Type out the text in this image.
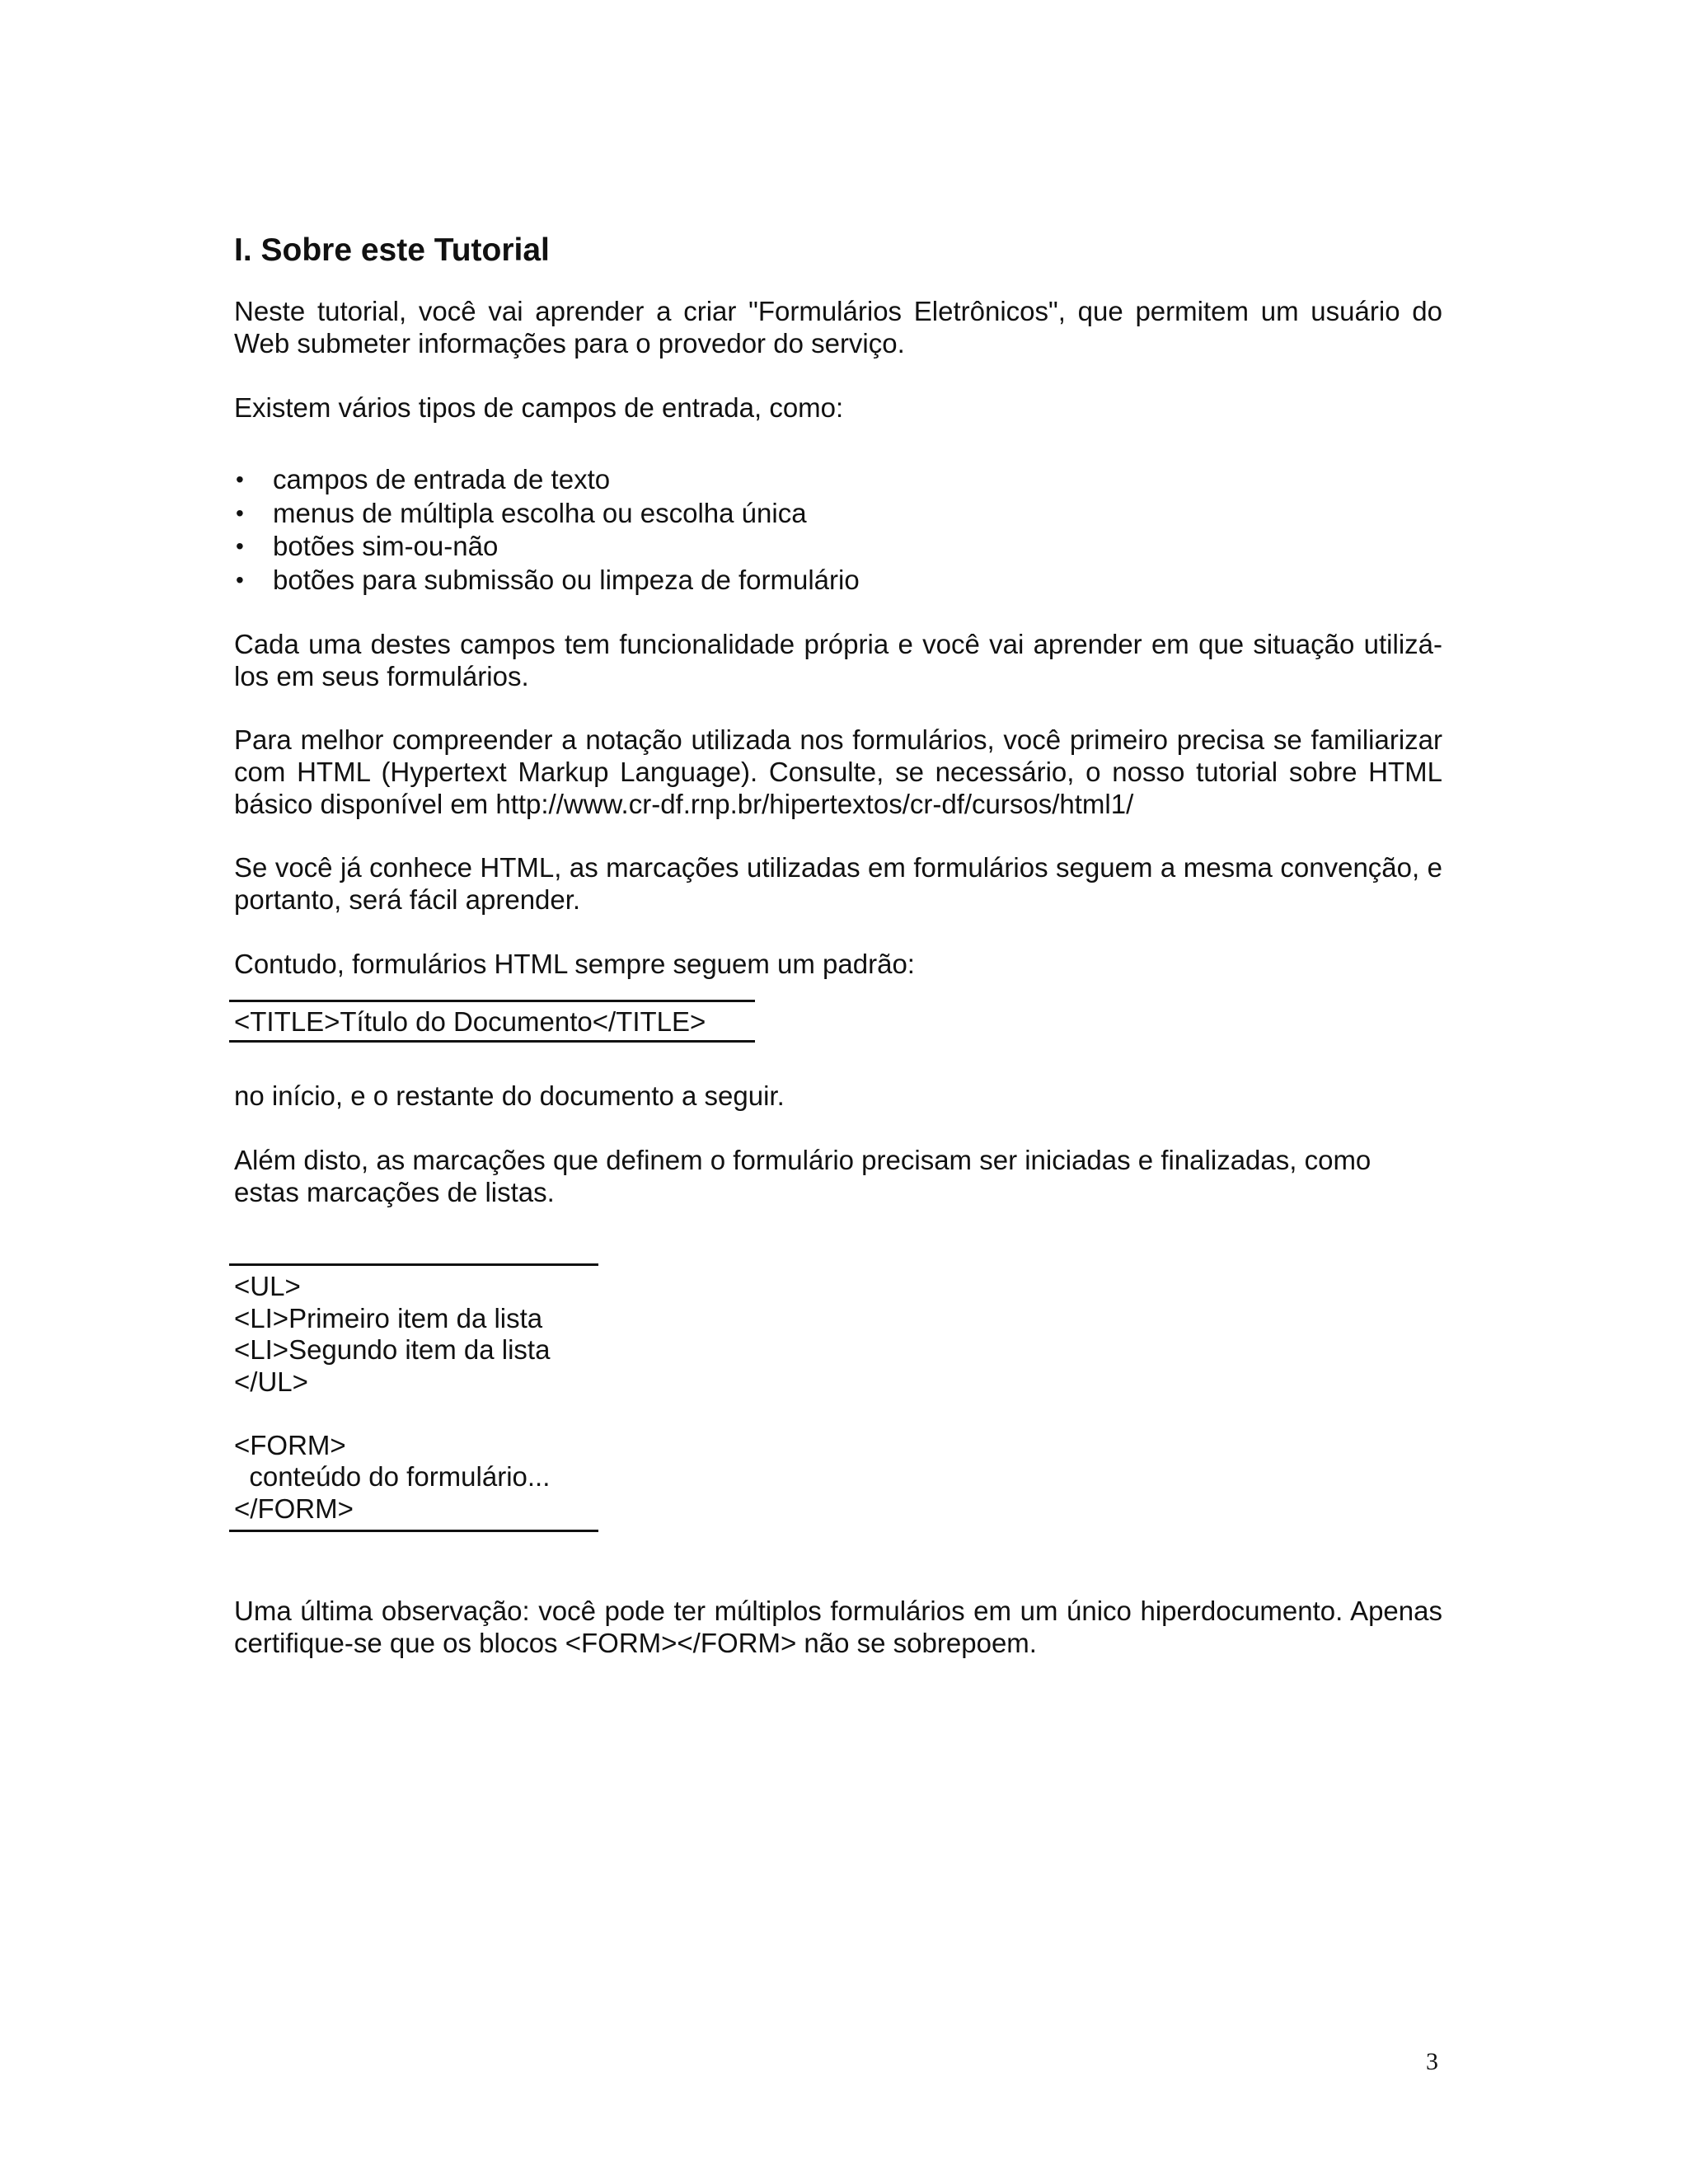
I. Sobre este Tutorial

Neste tutorial, você vai aprender a criar "Formulários Eletrônicos", que permitem um usuário do Web submeter informações para o provedor do serviço.

Existem vários tipos de campos de entrada, como:

• campos de entrada de texto
• menus de múltipla escolha ou escolha única
• botões sim-ou-não
• botões para submissão ou limpeza de formulário

Cada uma destes campos tem funcionalidade própria e você vai aprender em que situação utilizá-los em seus formulários.

Para melhor compreender a notação utilizada nos formulários, você primeiro precisa se familiarizar com HTML (Hypertext Markup Language). Consulte, se necessário, o nosso tutorial sobre HTML básico disponível em http://www.cr-df.rnp.br/hipertextos/cr-df/cursos/html1/

Se você já conhece HTML, as marcações utilizadas em formulários seguem a mesma convenção, e portanto, será fácil aprender.

Contudo, formulários HTML sempre seguem um padrão:

<TITLE>Título do Documento</TITLE>

no início, e o restante do documento a seguir.

Além disto, as marcações que definem o formulário precisam ser iniciadas e finalizadas, como estas marcações de listas.

<UL>
<LI>Primeiro item da lista
<LI>Segundo item da lista
</UL>
<FORM>
conteúdo do formulário...
</FORM>

Uma última observação: você pode ter múltiplos formulários em um único hiperdocumento. Apenas certifique-se que os blocos <FORM></FORM> não se sobrepoem.

3
